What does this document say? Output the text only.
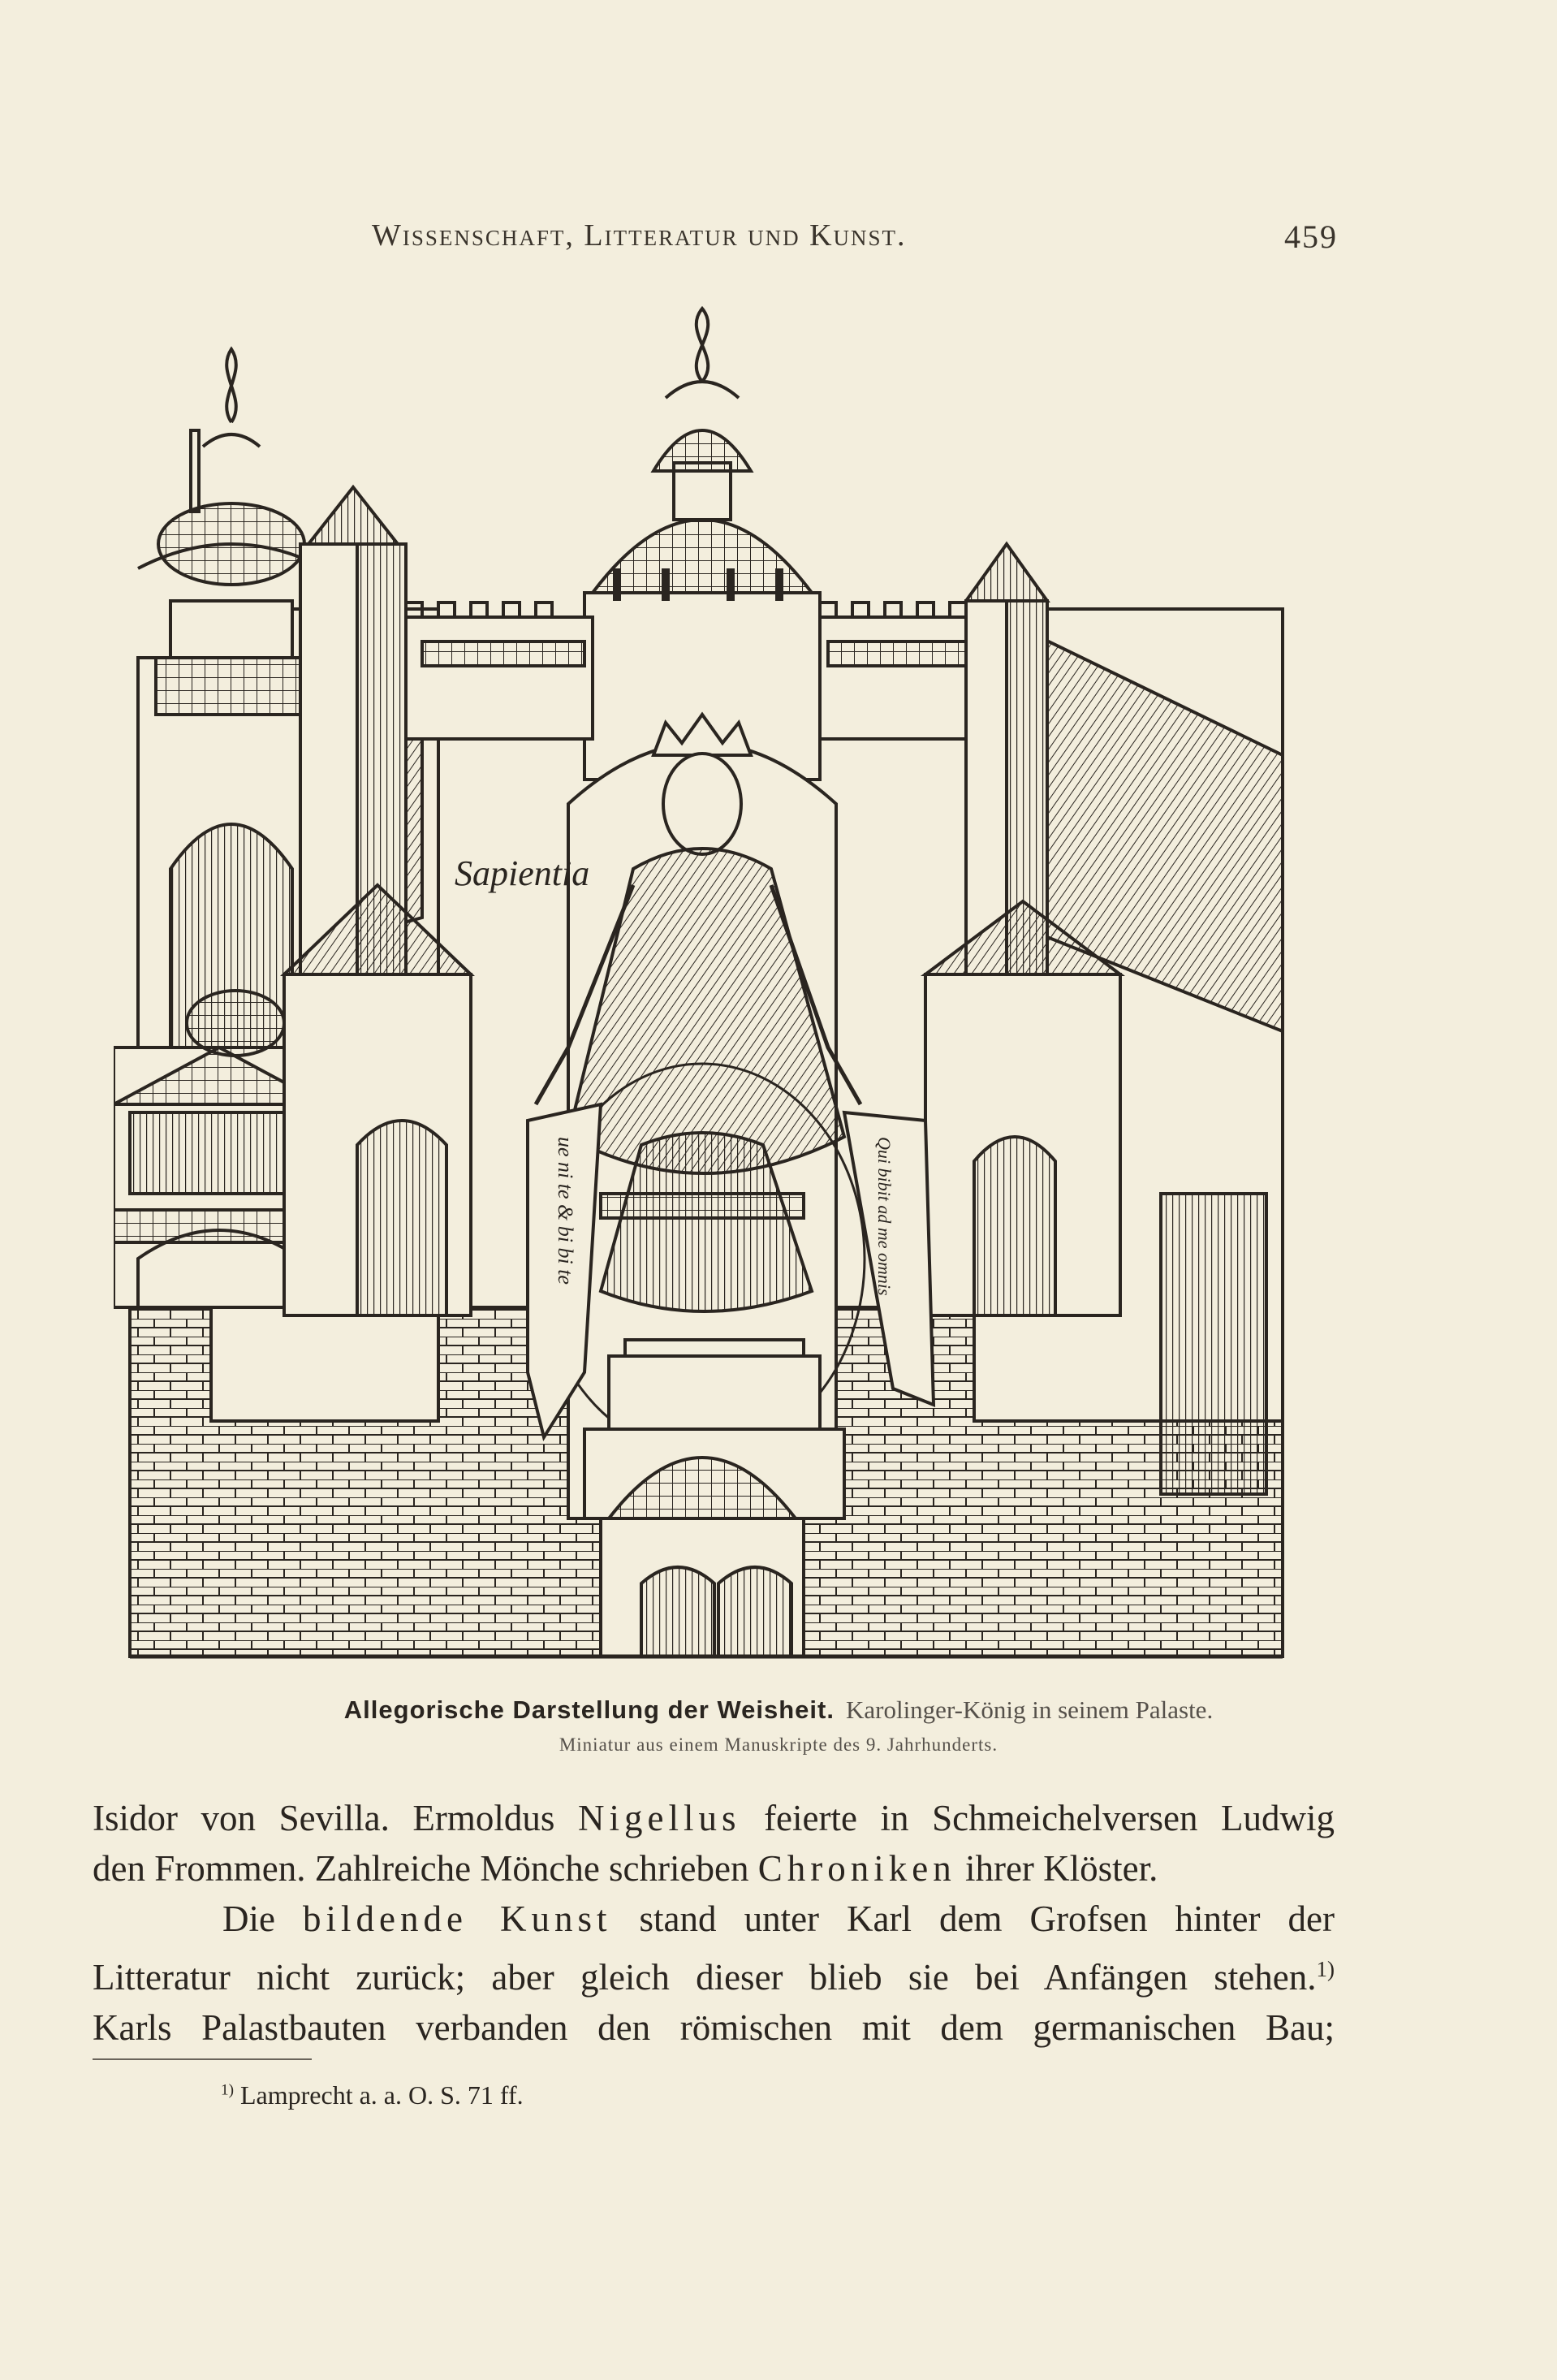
Wissenschaft, Litteratur und Kunst.	459
Sapientia
ue ni te & bi bi te	Qui bibit ad me omnis
Allegorische Darstellung der Weisheit. Karolinger-König in seinem Palaste.
Miniatur aus einem Manuskripte des 9. Jahrhunderts.
Isidor von Sevilla. Ermoldus Nigellus feierte in Schmeichelversen Ludwig
den Frommen. Zahlreiche Mönche schrieben Chroniken ihrer Klöster.
Die bildende Kunst stand unter Karl dem Grofsen hinter der
Litteratur nicht zurück; aber gleich dieser blieb sie bei Anfängen stehen.$^{1)}$
Karls Palastbauten verbanden den römischen mit dem germanischen Bau;
$^{1)}$ Lamprecht a. a. O. S. 71 ff.
